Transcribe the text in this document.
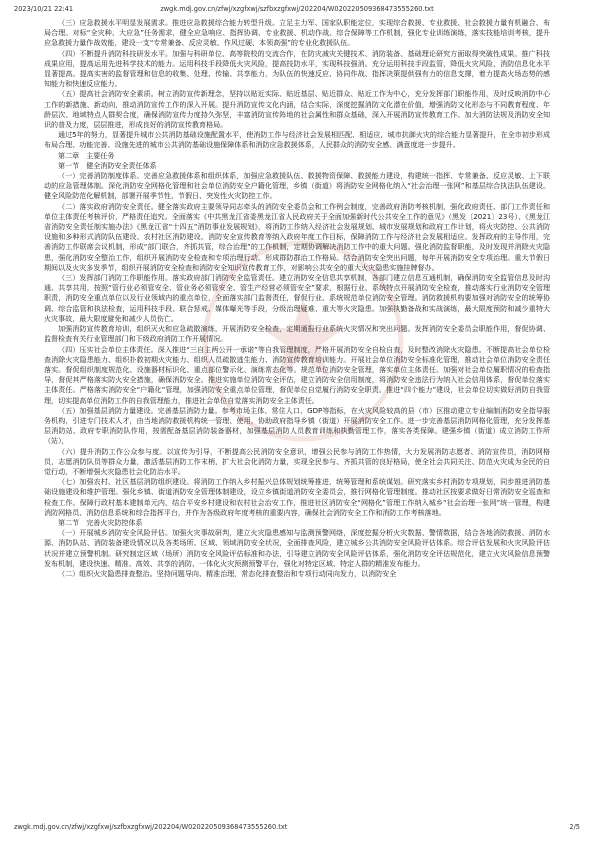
2023/10/21 22:41	zwgk.mdj.gov.cn/zfwj/xzgfxwj/szfbxzgfxwj/202204/W020220509368473555260.txt

（三）应急救援水平明显发展需求。推进应急救援综合能力转型升级。立足主力军、国家队职能定位，实现综合救援、专业救援、社会救援力量有机融合、布局合理。对标“全灾种、大应急”任务需求，健全应急响应、指挥协调、专业救援、机动作战、综合保障等工作机制，强化专业训练演练，落实技能培训考核，提升应急救援力量作战效能，建设一支“专常兼备、反应灵敏、作风过硬、本领高强”的专业化救援队伍。

（四）不断提升消防科技研发水平。加强与科研单位、高等院校的交流合作，在防灾减灾关键技术、消防装备、基础理论研究方面取得突破性成果。推广科技成果应用，提高运用先进科学技术的能力。运用科技手段降低火灾风险，提高技防水平，实现科技强消。充分运用科技手段监管，降低火灾风险，消防信息化水平显著提高。提高实害的监督管理和信息的收集、处理、传输、共享能力，为队伍的快速反应、协同作战、指挥决策提供强有力的信息支撑，着力提高火场态势的感知能力和快速反应能力。

（五）提高社会消防安全素质。树立消防宣传新理念，坚持以贴近实际、贴近基层、贴近群众、贴近工作为中心，充分发挥部门职能作用，及时反映消防中心工作的新措施、新动向，推动消防宣传工作的深入开展。提升消防宣传文化内涵，结合实际，深度挖掘消防文化潜在价值，增强消防文化形态与不同教育程度、年龄层次、地域特点人群契合度，确保消防宣传力度持久弥坚，丰富消防宣传阵地的社会属性和群众基础，深入开展消防宣传教育工作。加大消防法规及消防安全知识的普及力度，层层推进，形成良好的消防宣传教育格局。

通过5年的努力，显著提升城市公共消防基础设施配置水平，使消防工作与经济社会发展相匹配、相适应，城市抗御火灾的综合能力显著提升，在全市初步形成布局合理、功能完善、设施先进的城市公共消防基础设施保障体系和消防应急救援体系，人民群众的消防安全感、满意度进一步提升。

第二章　主要任务

第一节　健全消防安全责任体系

（一）完善消防制度体系。完善应急救援体系和组织体系，加强应急救援队伍、救援物资保障、救援能力建设，构建统一指挥、专常兼备、反应灵敏、上下联动的应急管理体制。深化消防安全网格化管理和社会单位消防安全户籍化管理，乡镇（街道）将消防安全网格化纳入“社会治理一张网”和基层综合执法队伍建设。健全风险防范化解机制，部署开展季节性、节假日、突发性火灾防控工作。

（二）落实政府消防安全责任。健全落实政府主要领导同志牵头的消防安全委员会和工作例会制度，完善政府消防考核机制，强化政府责任、部门工作责任和单位主体责任考核评价，严格责任追究。全面落实《中共黑龙江省委黑龙江省人民政府关于全面加强新时代公共安全工作的意见》（黑发〔2021〕23号）、《黑龙江省消防安全责任制实施办法》《黑龙江省“十四五”消防事业发展规划》，将消防工作纳入经济社会发展规划、城市发展规划和政府工作计划，将火灾防控、公共消防设施和多种形式消防队伍建设、农村社区消防建设、消防安全宣传教育等纳入政府年度工作目标，保障消防工作与经济社会发展相适应。发挥政府的主导作用，完善消防工作联席会议机制，形成“部门联合，齐抓共管，综合治理”的工作机制，定期协调解决消防工作中的重大问题。强化消防监督职能，及时发现并消除火灾隐患，强化消防安全整治工作，组织开展消防安全检查和专项治理行动。形成群防群治工作格局。结合消防安全突出问题，每年开展消防安全专项治理。重大节假日期间以及火灾多发季节，组织开展消防安全检查和消防安全知识宣传教育工作，对影响公共安全的重大火灾隐患实施挂牌督办。

（三）发挥部门消防工作职能作用。落实政府部门消防安全监管责任。建立消防安全信息共享机制，各部门建立信息互通机制，确保消防安全监管信息及时沟通、共享共用，按照“管行业必须管安全、管业务必须管安全、管生产经营必须管安全”要求，根据行业、系统特点开展消防安全检查，推动落实行业消防安全管理职责，消防安全重点单位以及行业领域内的重点单位，全面落实部门监督责任，督促行业、系统规范单位消防安全管理。消防救援机构要加强对消防安全的统筹协调、综合监管和执法检查，运用科技手段、联合惩戒、媒体曝光等手段，分级治理疑难、重大等火灾隐患。加强执勤备战和实战演练，最大限度预防和减少重特大火灾事故，最大限度避免和减少人员伤亡。

加强消防宣传教育培训，组织灭火和应急疏散演练，开展消防安全检查，定期通报行业系统火灾情况和突出问题。发挥消防安全委员会职能作用，督促协调、监督检查有关行业管理部门和下级政府消防工作开展情况。

（四）压实社会单位主体责任。深入推进“三自主两公开一承诺”等自我管理制度，严格开展消防安全自检自查，及时整改消除火灾隐患。不断提高社会单位检查消除火灾隐患能力、组织扑救初期火灾能力、组织人员疏散逃生能力、消防宣传教育培训能力。开展社会单位消防安全标准化管理，推动社会单位消防安全责任落实。督促组织制度规范化、设施器材标识化、重点部位警示化、演练常态化等。规范单位消防安全管理，落实单位主体责任。加强对社会单位履职情况的检查指导，督促其严格落实防火安全措施，确保消防安全。推进实施单位消防安全评估，建立消防安全信用制度，将消防安全违法行为纳入社会信用体系，督促单位落实主体责任。严格落实消防安全“户籍化”管理，加强消防安全重点单位管理，督促单位自觉履行消防安全职责。推进“四个能力”建设，社会单位切实做好消防自我管理，切实提高单位消防工作的自我管理能力，推进社会单位自觉落实消防安全主体责任。

（五）加强基层消防力量建设。完善基层消防力量。参考市场主体、常住人口、GDP等指标，在火灾风险较高的县（市）区推动建立专业编制消防安全指导服务机构，引进专门技术人才，由当地消防救援机构统一管理、使用，协助政府指导乡镇（街道）开展消防安全工作。进一步完善基层消防网格化管理，充分发挥基层消防站、政府专职消防队作用，按需配备基层消防装备器材，加强基层消防人员教育训练和执勤管理工作，落实各类保障。建强乡镇（街道）成立消防工作所（站），

（六）提升消防工作公众参与度。以宣传为引导，不断提高公民消防安全意识，增强公民参与消防工作热情，大力发展消防志愿者、消防宣传员，消防网格员，志愿消防队员等群众力量，激活基层消防工作末梢，扩大社会化消防力量，实现全民参与、齐抓共管的良好格局，使全社会共同关注、防范火灾成为全民的自觉行动，不断增强火灾隐患社会化防治水平。

（七）加强农村、社区基层消防组织建设。将消防工作纳入乡村振兴总体规划统筹推进，统筹管理和系统谋划。研究落实乡村消防专项规划，同步推进消防基础设施建设和维护管理。强化乡镇、街道消防安全管理体制建设，设立乡镇街道消防安全委员会，推行网格化管理制度。推动社区按要求做好日常消防安全巡查和检查工作。保障行政村基本建制单元内，结合平安乡村建设和农村社会治安工作，推进社区消防安全“网格化”管理工作纳入城乡“社会治理一张网”统一管理，构建消防网格员、消防信息系统和综合指挥平台，并作为各级政府年度考核的重要内容，确保社会消防安全工作和消防工作考核落地。

第二节　完善火灾防控体系

（一）开展城乡消防安全风险评估。加强火灾事故研判，建立火灾隐患感知与监测预警网络，深度挖掘分析火灾数据、警情数据，结合各地消防救援、消防水源、消防队站、消防装备建设情况以及各类场所、区域、领域消防安全状况，全面排查风险，建立城乡公共消防安全风险评估体系。综合评估发展和火灾风险评估状况并建立预警机制。研究制定区域（场所）消防安全风险评估标准和办法，引导建立消防安全风险评估体系，强化消防安全评估规范化，建立火灾风险信息预警发布机制，建设快速、精准、高效、共享的消防、一体化火灾预测预警平台，强化对特定区域、特定人群的精准发布能力。

（二）组织火灾隐患排查整治。坚持问题导向、精准治理，常态化排查整治和专项行动同向发力，以消防安全

zwgk.mdj.gov.cn/zfwj/xzgfxwj/szfbxzgfxwj/202204/W020220509368473555260.txt	2/5
